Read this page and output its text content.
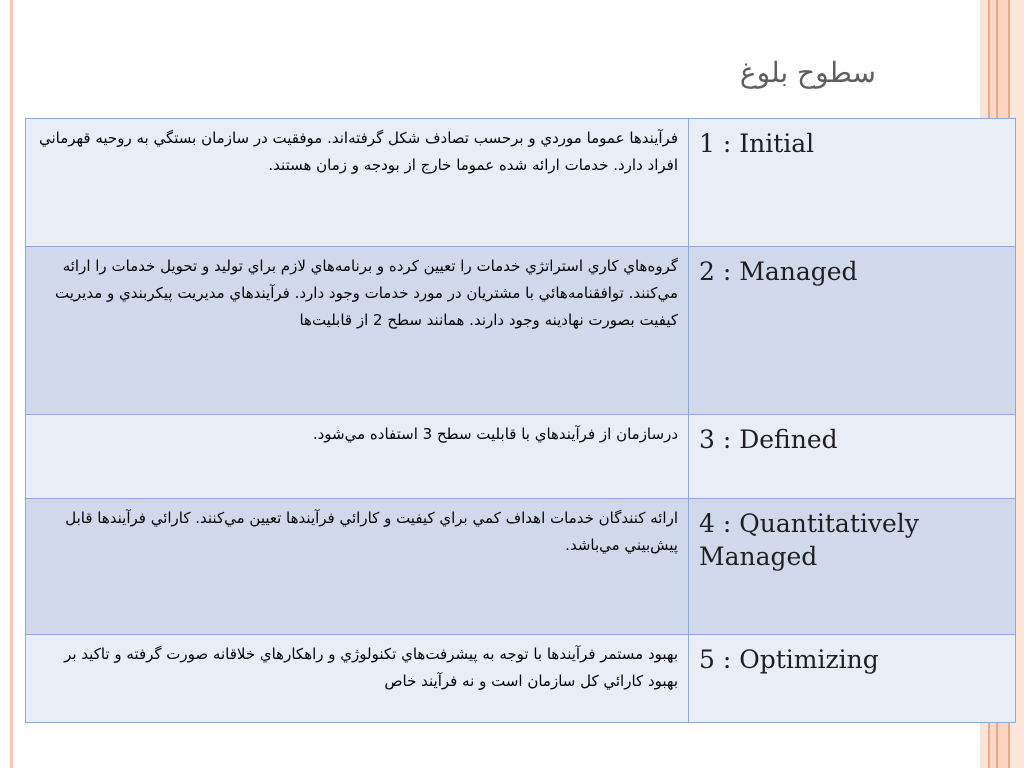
سطوح بلوغ
فرآيندها عموما موردي و برحسب تصادف شكل گرفته‌اند. موفقيت در سازمان بستگي به روحيه قهرماني افراد دارد. خدمات ارائه شده عموما خارج از بودجه و زمان هستند.	1 : Initial
گروه‌هاي كاري استراتژي خدمات را تعيين كرده و برنامه‌هاي لازم براي توليد و تحويل خدمات را ارائه مي‌كنند. توافقنامه‌هائي با مشتريان در مورد خدمات وجود دارد. فرآيندهاي مديريت پيكربندي و مديريت كيفيت بصورت نهادينه وجود دارند. همانند سطح 2 از قابليت‌ها	2 : Managed
درسازمان از فرآيندهاي با قابليت سطح 3 استفاده مي‌شود.	3 : Defined
ارائه كنندگان خدمات اهداف كمي براي كيفيت و كارائي فرآيندها تعيين مي‌كنند. كارائي فرآيندها قابل پيش‌بيني مي‌باشد.	4 : Quantitatively Managed
بهبود مستمر فرآيندها با توجه به پيشرفت‌هاي تكنولوژي و راهكارهاي خلاقانه صورت گرفته و تاكيد بر بهبود كارائي كل سازمان است و نه فرآيند خاص	5 : Optimizing
